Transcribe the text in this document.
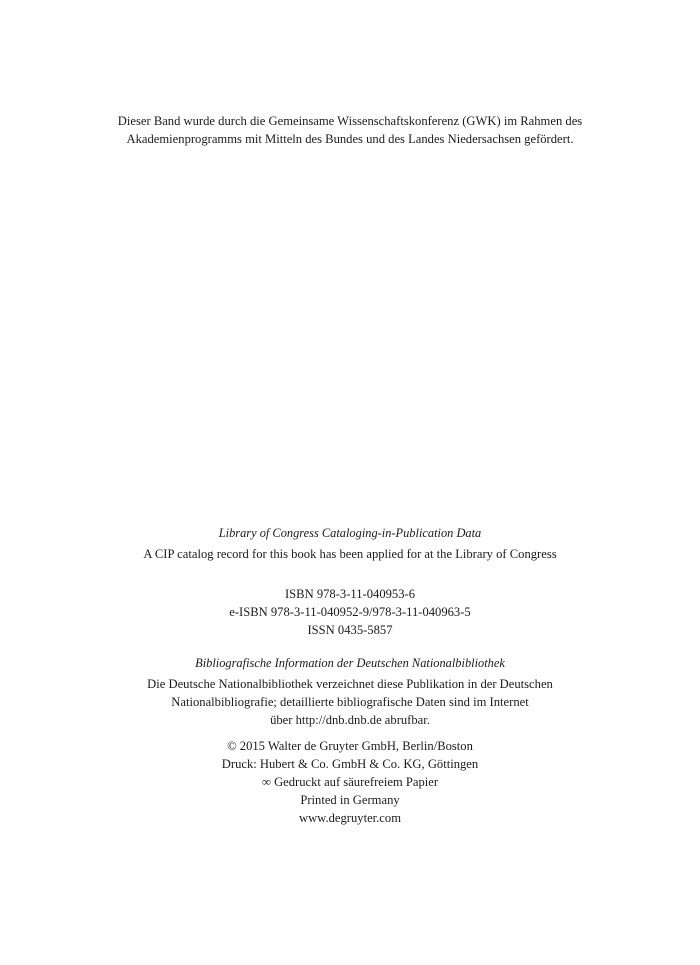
Dieser Band wurde durch die Gemeinsame Wissenschaftskonferenz (GWK) im Rahmen des
Akademienprogramms mit Mitteln des Bundes und des Landes Niedersachsen gefördert.
Library of Congress Cataloging-in-Publication Data
A CIP catalog record for this book has been applied for at the Library of Congress
ISBN 978-3-11-040953-6
e-ISBN 978-3-11-040952-9/978-3-11-040963-5
ISSN 0435-5857
Bibliografische Information der Deutschen Nationalbibliothek
Die Deutsche Nationalbibliothek verzeichnet diese Publikation in der Deutschen
Nationalbibliografie; detaillierte bibliografische Daten sind im Internet
über http://dnb.dnb.de abrufbar.
© 2015 Walter de Gruyter GmbH, Berlin/Boston
Druck: Hubert & Co. GmbH & Co. KG, Göttingen
∞ Gedruckt auf säurefreiem Papier
Printed in Germany
www.degruyter.com
